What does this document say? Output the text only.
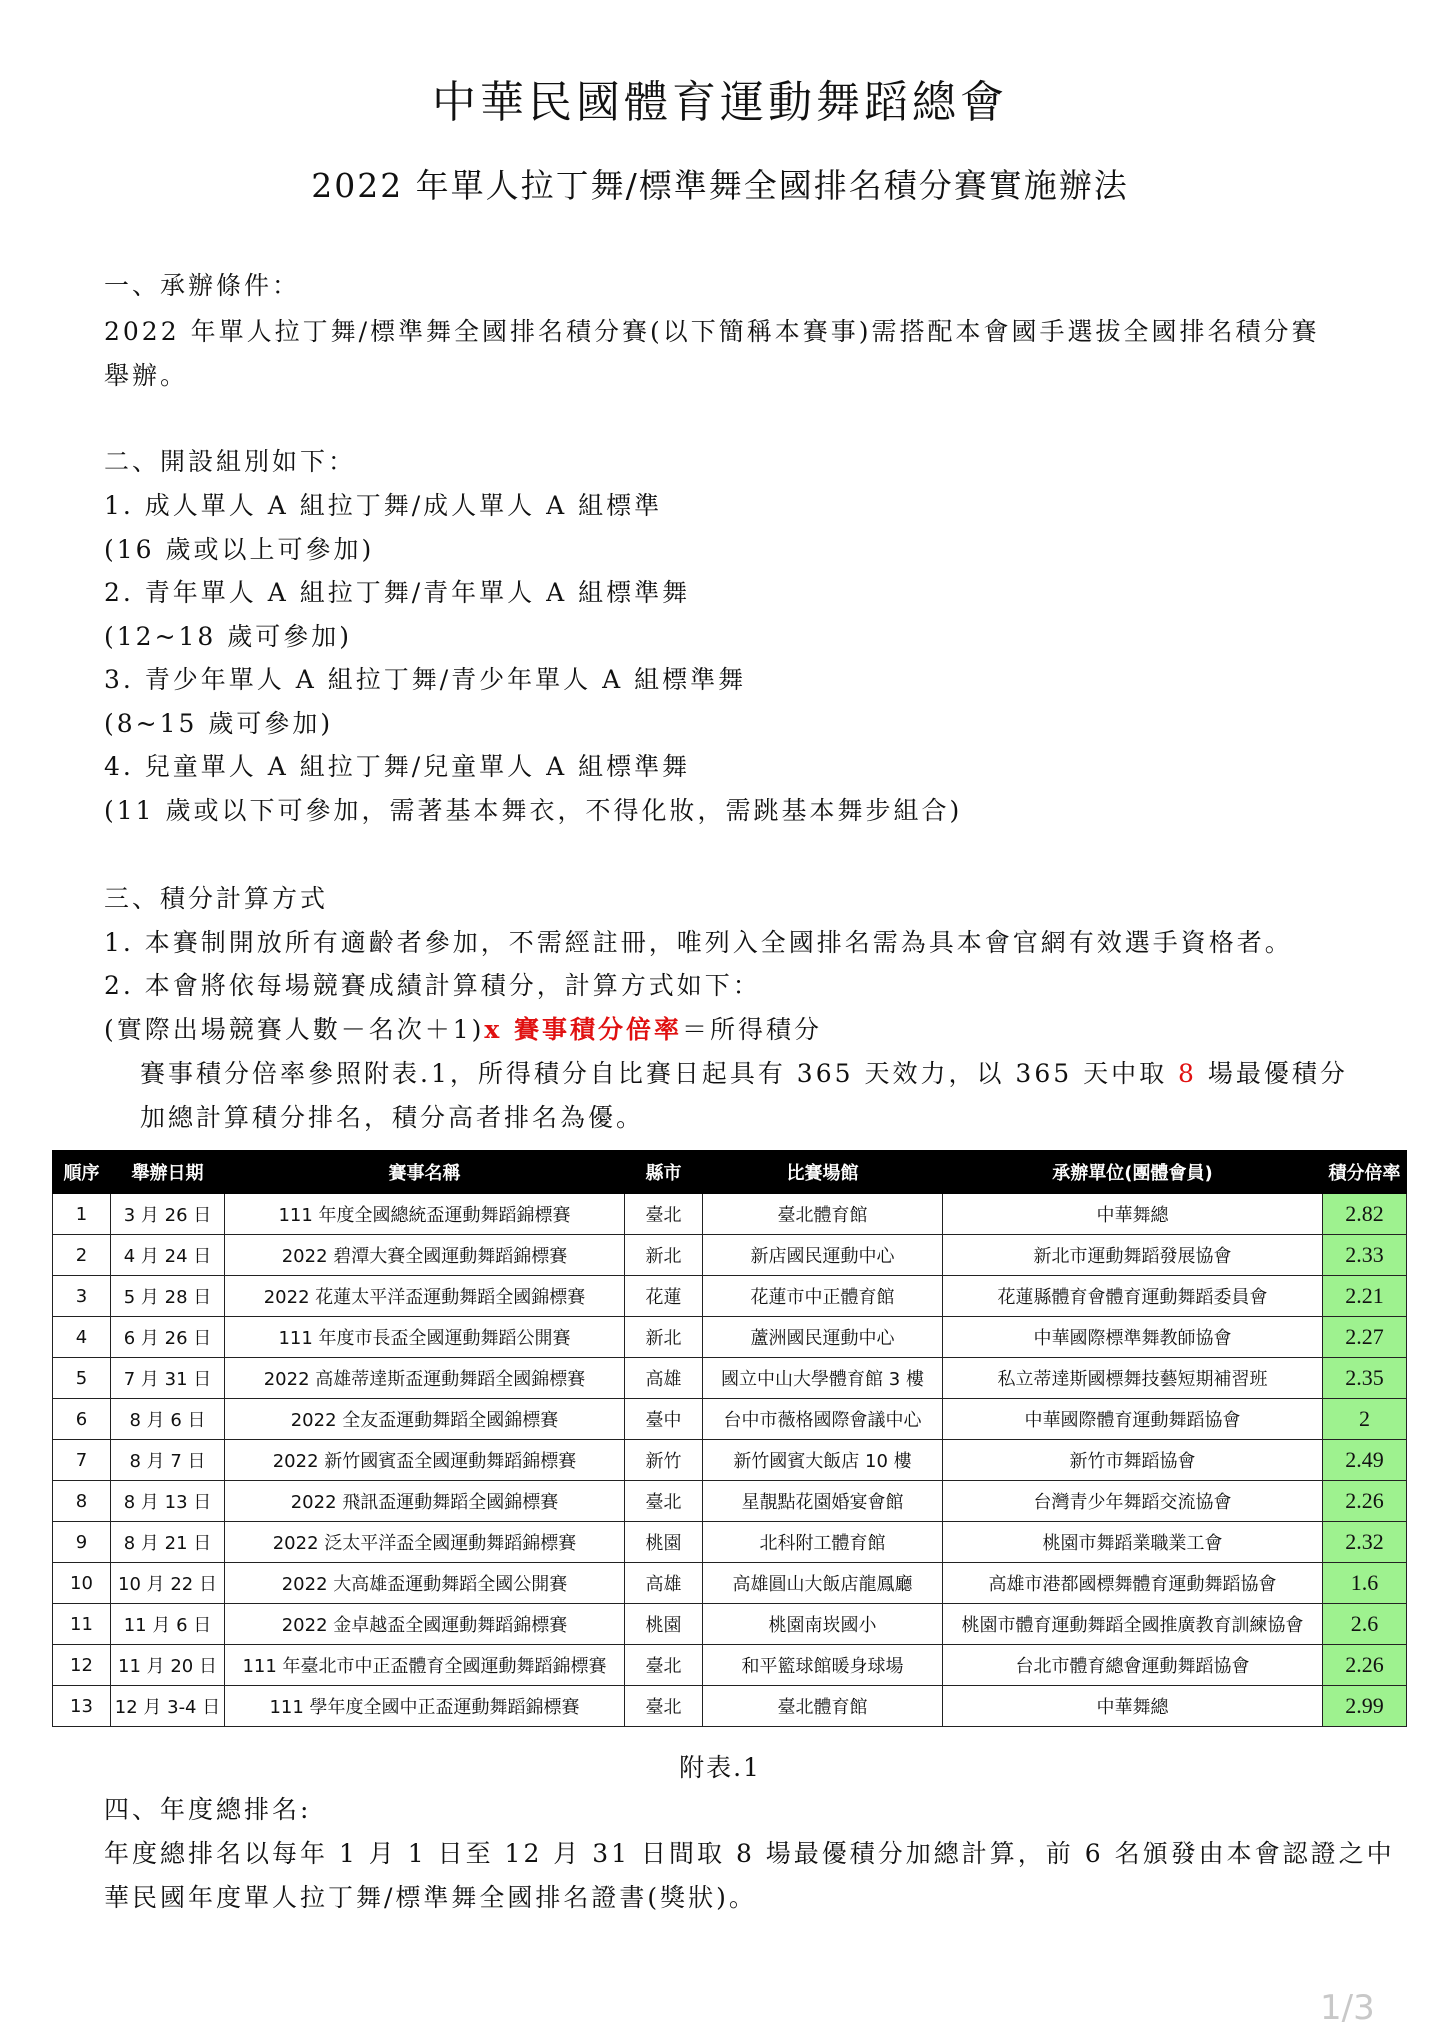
中華民國體育運動舞蹈總會
2022 年單人拉丁舞/標準舞全國排名積分賽實施辦法
一、承辦條件：
2022 年單人拉丁舞/標準舞全國排名積分賽(以下簡稱本賽事)需搭配本會國手選拔全國排名積分賽
舉辦。
二、開設組別如下：
1. 成人單人 A 組拉丁舞/成人單人 A 組標準
(16 歲或以上可參加)
2. 青年單人 A 組拉丁舞/青年單人 A 組標準舞
(12~18 歲可參加)
3. 青少年單人 A 組拉丁舞/青少年單人 A 組標準舞
(8~15 歲可參加)
4. 兒童單人 A 組拉丁舞/兒童單人 A 組標準舞
(11 歲或以下可參加，需著基本舞衣，不得化妝，需跳基本舞步組合)
三、積分計算方式
1. 本賽制開放所有適齡者參加，不需經註冊，唯列入全國排名需為具本會官網有效選手資格者。
2. 本會將依每場競賽成績計算積分，計算方式如下：
(實際出場競賽人數－名次＋1)x 賽事積分倍率＝所得積分
賽事積分倍率參照附表.1，所得積分自比賽日起具有 365 天效力，以 365 天中取 8 場最優積分
加總計算積分排名，積分高者排名為優。
順序	舉辦日期	賽事名稱	縣市	比賽場館	承辦單位(團體會員)	積分倍率
1	3 月 26 日	111 年度全國總統盃運動舞蹈錦標賽	臺北	臺北體育館	中華舞總	2.82
2	4 月 24 日	2022 碧潭大賽全國運動舞蹈錦標賽	新北	新店國民運動中心	新北市運動舞蹈發展協會	2.33
3	5 月 28 日	2022 花蓮太平洋盃運動舞蹈全國錦標賽	花蓮	花蓮市中正體育館	花蓮縣體育會體育運動舞蹈委員會	2.21
4	6 月 26 日	111 年度市長盃全國運動舞蹈公開賽	新北	蘆洲國民運動中心	中華國際標準舞教師協會	2.27
5	7 月 31 日	2022 高雄蒂達斯盃運動舞蹈全國錦標賽	高雄	國立中山大學體育館 3 樓	私立蒂達斯國標舞技藝短期補習班	2.35
6	8 月 6 日	2022 全友盃運動舞蹈全國錦標賽	臺中	台中市薇格國際會議中心	中華國際體育運動舞蹈協會	2
7	8 月 7 日	2022 新竹國賓盃全國運動舞蹈錦標賽	新竹	新竹國賓大飯店 10 樓	新竹市舞蹈協會	2.49
8	8 月 13 日	2022 飛訊盃運動舞蹈全國錦標賽	臺北	星靚點花園婚宴會館	台灣青少年舞蹈交流協會	2.26
9	8 月 21 日	2022 泛太平洋盃全國運動舞蹈錦標賽	桃園	北科附工體育館	桃園市舞蹈業職業工會	2.32
10	10 月 22 日	2022 大高雄盃運動舞蹈全國公開賽	高雄	高雄圓山大飯店龍鳳廳	高雄市港都國標舞體育運動舞蹈協會	1.6
11	11 月 6 日	2022 金卓越盃全國運動舞蹈錦標賽	桃園	桃園南崁國小	桃園市體育運動舞蹈全國推廣教育訓練協會	2.6
12	11 月 20 日	111 年臺北市中正盃體育全國運動舞蹈錦標賽	臺北	和平籃球館暖身球場	台北市體育總會運動舞蹈協會	2.26
13	12 月 3-4 日	111 學年度全國中正盃運動舞蹈錦標賽	臺北	臺北體育館	中華舞總	2.99
附表.1
四、年度總排名:
年度總排名以每年 1 月 1 日至 12 月 31 日間取 8 場最優積分加總計算，前 6 名頒發由本會認證之中
華民國年度單人拉丁舞/標準舞全國排名證書(獎狀)。
1/3
